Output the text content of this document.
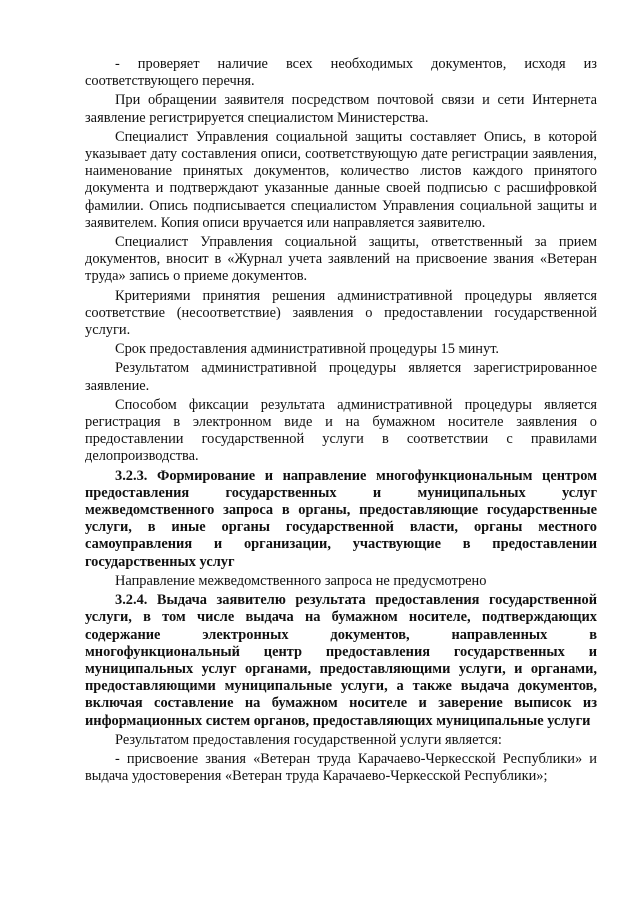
- проверяет наличие всех необходимых документов, исходя из соответствующего перечня.

При обращении заявителя посредством почтовой связи и сети Интернета заявление регистрируется специалистом Министерства.

Специалист Управления социальной защиты составляет Опись, в которой указывает дату составления описи, соответствующую дате регистрации заявления, наименование принятых документов, количество листов каждого принятого документа и подтверждают указанные данные своей подписью с расшифровкой фамилии. Опись подписывается специалистом Управления социальной защиты и заявителем. Копия описи вручается или направляется заявителю.

Специалист Управления социальной защиты, ответственный за прием документов, вносит в «Журнал учета заявлений на присвоение звания «Ветеран труда» запись о приеме документов.

Критериями принятия решения административной процедуры является соответствие (несоответствие) заявления о предоставлении государственной услуги.

Срок предоставления административной процедуры 15 минут.

Результатом административной процедуры является зарегистрированное заявление.

Способом фиксации результата административной процедуры является регистрация в электронном виде и на бумажном носителе заявления о предоставлении государственной услуги в соответствии с правилами делопроизводства.

3.2.3. Формирование и направление многофункциональным центром предоставления государственных и муниципальных услуг межведомственного запроса в органы, предоставляющие государственные услуги, в иные органы государственной власти, органы местного самоуправления и организации, участвующие в предоставлении государственных услуг

Направление межведомственного запроса не предусмотрено

3.2.4. Выдача заявителю результата предоставления государственной услуги, в том числе выдача на бумажном носителе, подтверждающих содержание электронных документов, направленных в многофункциональный центр предоставления государственных и муниципальных услуг органами, предоставляющими услуги, и органами, предоставляющими муниципальные услуги, а также выдача документов, включая составление на бумажном носителе и заверение выписок из информационных систем органов, предоставляющих муниципальные услуги

Результатом предоставления государственной услуги является:

- присвоение звания «Ветеран труда Карачаево-Черкесской Республики» и выдача удостоверения «Ветеран труда Карачаево-Черкесской Республики»;
